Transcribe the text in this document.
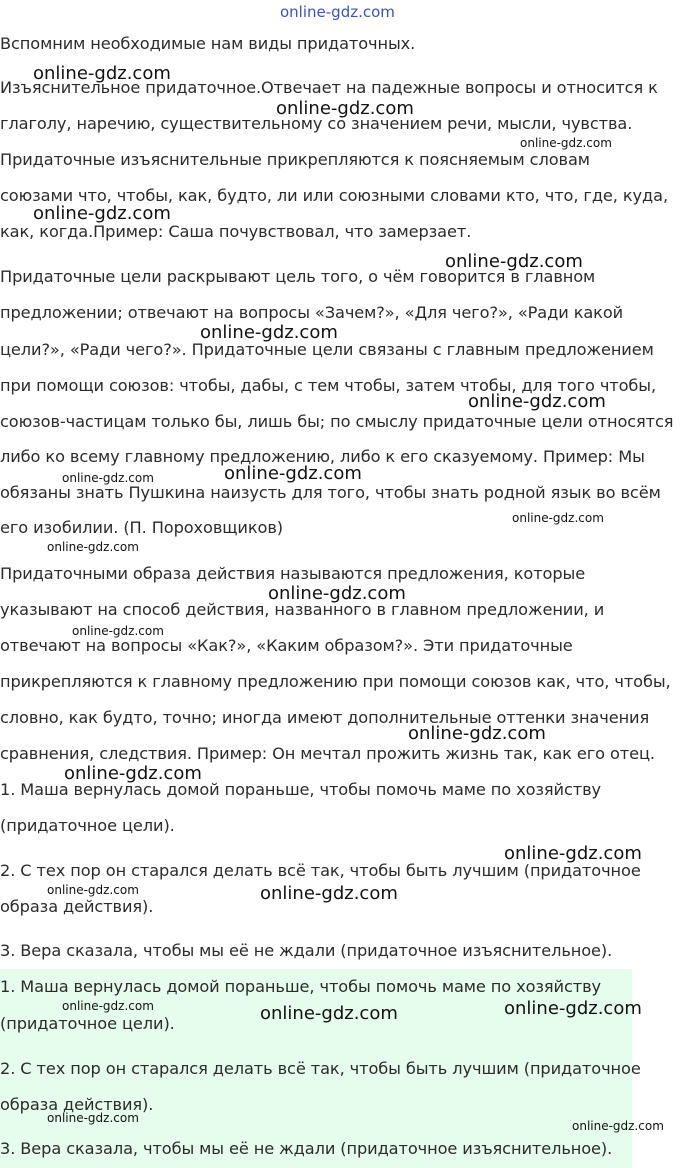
online-gdz.com
Вспомним необходимые нам виды придаточных.
Изъяснительное придаточное.Отвечает на падежные вопросы и относится к
глаголу, наречию, существительному со значением речи, мысли, чувства.
Придаточные изъяснительные прикрепляются к поясняемым словам
союзами что, чтобы, как, будто, ли или союзными словами кто, что, где, куда,
как, когда.Пример: Саша почувствовал, что замерзает.
Придаточные цели раскрывают цель того, о чём говорится в главном
предложении; отвечают на вопросы «Зачем?», «Для чего?», «Ради какой
цели?», «Ради чего?». Придаточные цели связаны с главным предложением
при помощи союзов: чтобы, дабы, с тем чтобы, затем чтобы, для того чтобы,
союзов-частицам только бы, лишь бы; по смыслу придаточные цели относятся
либо ко всему главному предложению, либо к его сказуемому. Пример: Мы
обязаны знать Пушкина наизусть для того, чтобы знать родной язык во всём
его изобилии. (П. Пороховщиков)
Придаточными образа действия называются предложения, которые
указывают на способ действия, названного в главном предложении, и
отвечают на вопросы «Как?», «Каким образом?». Эти придаточные
прикрепляются к главному предложению при помощи союзов как, что, чтобы,
словно, как будто, точно; иногда имеют дополнительные оттенки значения
сравнения, следствия. Пример: Он мечтал прожить жизнь так, как его отец.
1. Маша вернулась домой пораньше, чтобы помочь маме по хозяйству
(придаточное цели).
2. С тех пор он старался делать всё так, чтобы быть лучшим (придаточное
образа действия).
3. Вера сказала, чтобы мы её не ждали (придаточное изъяснительное).
1. Маша вернулась домой пораньше, чтобы помочь маме по хозяйству
(придаточное цели).
2. С тех пор он старался делать всё так, чтобы быть лучшим (придаточное
образа действия).
3. Вера сказала, чтобы мы её не ждали (придаточное изъяснительное).
online-gdz.com
online-gdz.com
online-gdz.com
online-gdz.com
online-gdz.com
online-gdz.com
online-gdz.com
online-gdz.com	online-gdz.com
online-gdz.com
online-gdz.com
online-gdz.com
online-gdz.com
online-gdz.com
online-gdz.com
online-gdz.com
online-gdz.com	online-gdz.com
online-gdz.com	online-gdz.com	online-gdz.com
online-gdz.com
online-gdz.com
